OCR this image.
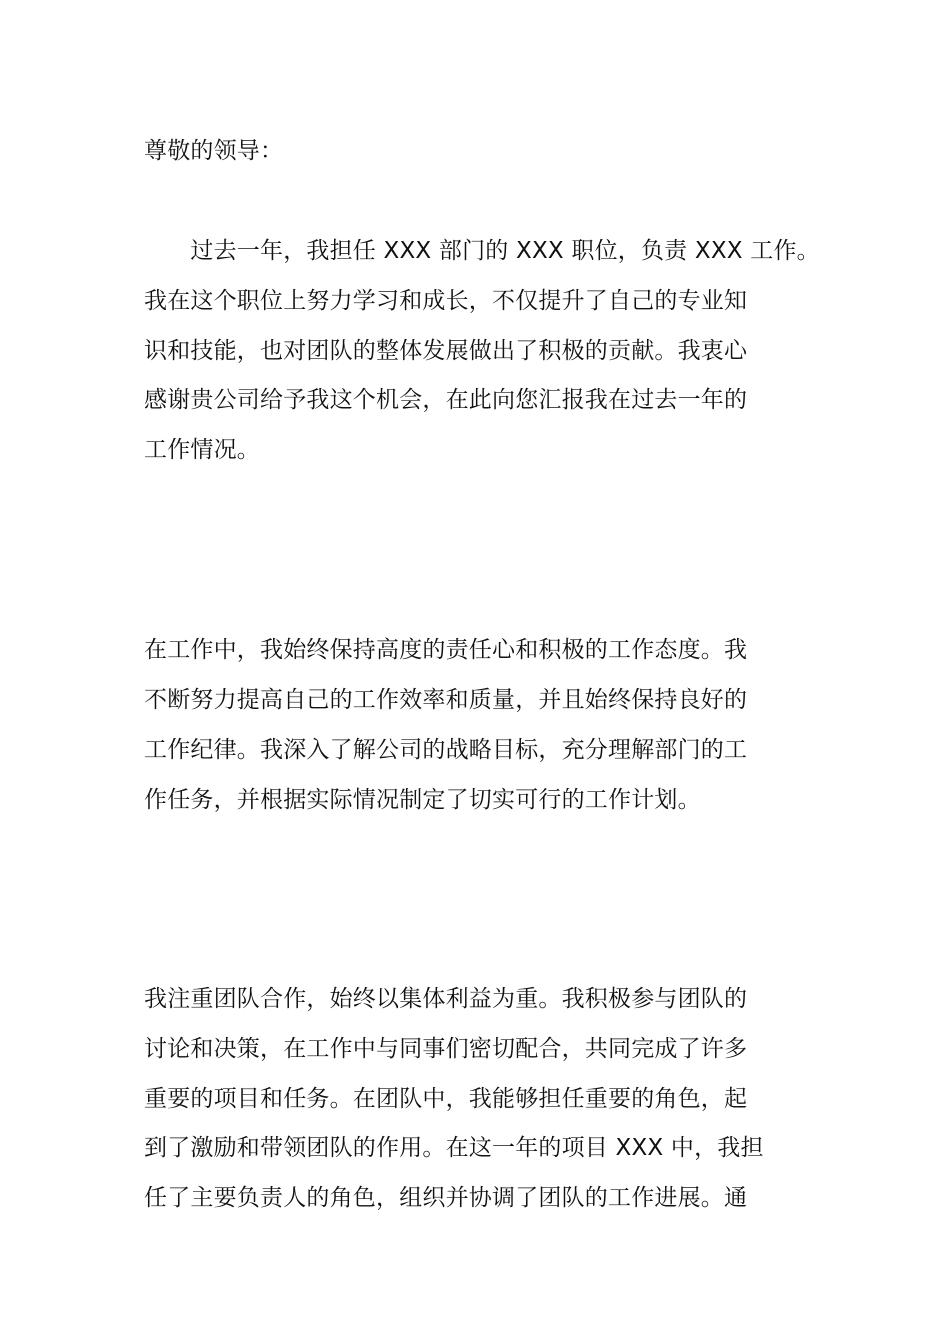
尊敬的领导：

　　过去一年，我担任 XXX 部门的 XXX 职位，负责 XXX 工作。

我在这个职位上努力学习和成长，不仅提升了自己的专业知

识和技能，也对团队的整体发展做出了积极的贡献。我衷心

感谢贵公司给予我这个机会，在此向您汇报我在过去一年的

工作情况。

在工作中，我始终保持高度的责任心和积极的工作态度。我

不断努力提高自己的工作效率和质量，并且始终保持良好的

工作纪律。我深入了解公司的战略目标，充分理解部门的工

作任务，并根据实际情况制定了切实可行的工作计划。

我注重团队合作，始终以集体利益为重。我积极参与团队的

讨论和决策，在工作中与同事们密切配合，共同完成了许多

重要的项目和任务。在团队中，我能够担任重要的角色，起

到了激励和带领团队的作用。在这一年的项目 XXX 中，我担

任了主要负责人的角色，组织并协调了团队的工作进展。通
